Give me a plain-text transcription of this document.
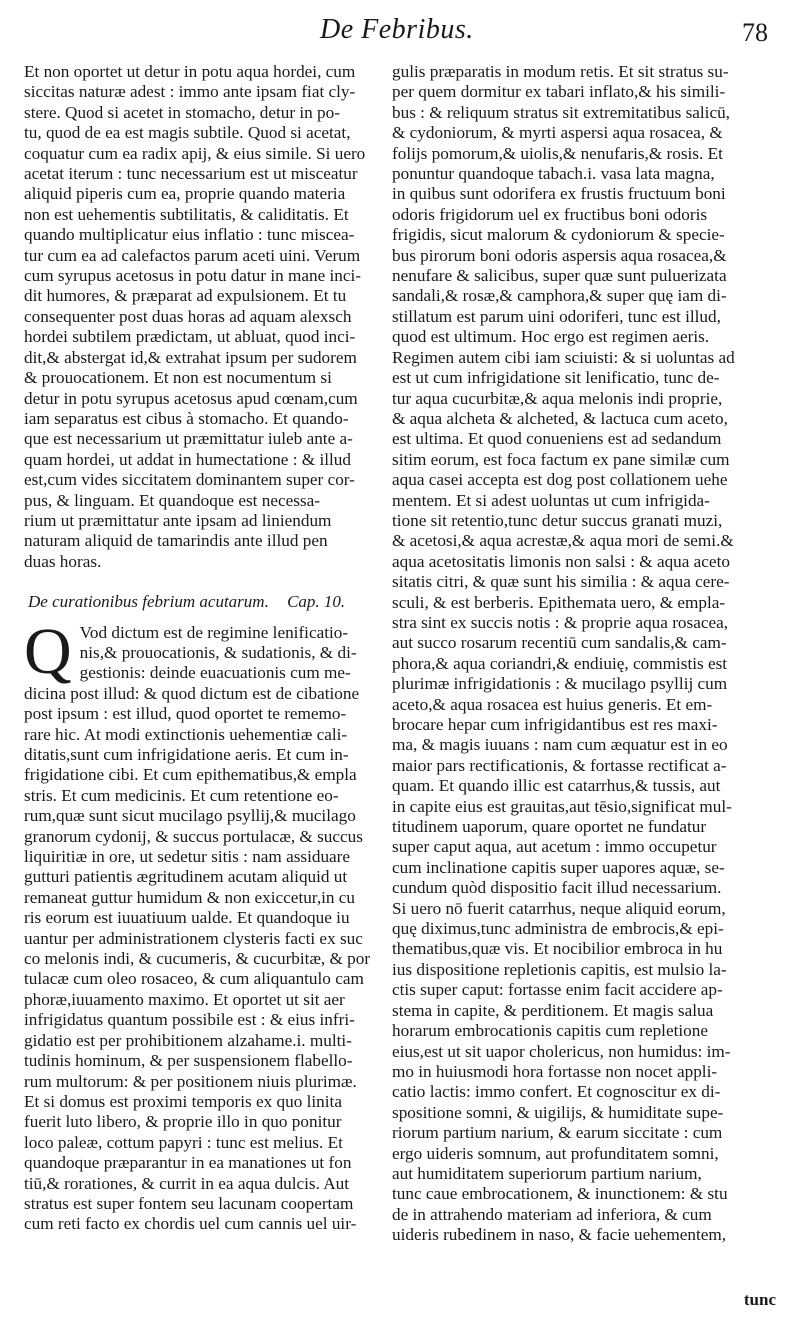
De Febribus.	78

Et non oportet ut detur in potu aqua hordei, cum
siccitas naturæ adest : immo ante ipsam fiat cly-
stere. Quod si acetet in stomacho, detur in po-
tu, quod de ea est magis subtile. Quod si acetat,
coquatur cum ea radix apij, & eius simile. Si uero
acetat iterum : tunc necessarium est ut misceatur
aliquid piperis cum ea, proprie quando materia
non est uehementis subtilitatis, & caliditatis. Et
quando multiplicatur eius inflatio : tunc miscea-
tur cum ea ad calefactos parum aceti uini. Verum
cum syrupus acetosus in potu datur in mane inci-
dit humores, & præparat ad expulsionem. Et tu
consequenter post duas horas ad aquam alexsch
hordei subtilem prædictam, ut abluat, quod inci-
dit,& abstergat id,& extrahat ipsum per sudorem
& prouocationem. Et non est nocumentum si
detur in potu syrupus acetosus apud cœnam,cum
iam separatus est cibus à stomacho. Et quando-
que est necessarium ut præmittatur iuleb ante a-
quam hordei, ut addat in humectatione : & illud
est,cum vides siccitatem dominantem super cor-
pus, & linguam. Et quandoque est necessa-
rium ut præmittatur ante ipsam ad liniendum
naturam aliquid de tamarindis ante illud pen
duas horas.

De curationibus febrium acutarum. Cap. 10.
Q Vod dictum est de regimine lenificatio-
nis,& prouocationis, & sudationis, & di-
gestionis: deinde euacuationis cum me-
dicina post illud: & quod dictum est de cibatione
post ipsum : est illud, quod oportet te rememo-
rare hic. At modi extinctionis uehementiæ cali-
ditatis,sunt cum infrigidatione aeris. Et cum in-
frigidatione cibi. Et cum epithematibus,& empla
stris. Et cum medicinis. Et cum retentione eo-
rum,quæ sunt sicut mucilago psyllij,& mucilago
granorum cydonij, & succus portulacæ, & succus
liquiritiæ in ore, ut sedetur sitis : nam assiduare
gutturi patientis ægritudinem acutam aliquid ut
remaneat guttur humidum & non exiccetur,in cu
ris eorum est iuuatiuum ualde. Et quandoque iu
uantur per administrationem clysteris facti ex suc
co melonis indi, & cucumeris, & cucurbitæ, & por
tulacæ cum oleo rosaceo, & cum aliquantulo cam
phoræ,iuuamento maximo. Et oportet ut sit aer
infrigidatus quantum possibile est : & eius infri-
gidatio est per prohibitionem alzahame.i. multi-
tudinis hominum, & per suspensionem flabello-
rum multorum: & per positionem niuis plurimæ.
Et si domus est proximi temporis ex quo linita
fuerit luto libero, & proprie illo in quo ponitur
loco paleæ, cottum papyri : tunc est melius. Et
quandoque præparantur in ea manationes ut fon
tiū,& rorationes, & currit in ea aqua dulcis. Aut
stratus est super fontem seu lacunam coopertam
cum reti facto ex chordis uel cum cannis uel uir-

gulis præparatis in modum retis. Et sit stratus su-
per quem dormitur ex tabari inflato,& his simili-
bus : & reliquum stratus sit extremitatibus salicū,
& cydoniorum, & myrti aspersi aqua rosacea, &
folijs pomorum,& uiolis,& nenufaris,& rosis. Et
ponuntur quandoque tabach.i. vasa lata magna,
in quibus sunt odorifera ex frustis fructuum boni
odoris frigidorum uel ex fructibus boni odoris
frigidis, sicut malorum & cydoniorum & specie-
bus pirorum boni odoris aspersis aqua rosacea,&
nenufare & salicibus, super quæ sunt puluerizata
sandali,& rosæ,& camphora,& super quę iam di-
stillatum est parum uini odoriferi, tunc est illud,
quod est ultimum. Hoc ergo est regimen aeris.
Regimen autem cibi iam sciuisti: & si uoluntas ad
est ut cum infrigidatione sit lenificatio, tunc de-
tur aqua cucurbitæ,& aqua melonis indi proprie,
& aqua alcheta & alcheted, & lactuca cum aceto,
est ultima. Et quod conueniens est ad sedandum
sitim eorum, est foca factum ex pane similæ cum
aqua casei accepta est dog post collationem uehe
mentem. Et si adest uoluntas ut cum infrigida-
tione sit retentio,tunc detur succus granati muzi,
& acetosi,& aqua acrestæ,& aqua mori de semi.&
aqua acetositatis limonis non salsi : & aqua aceto
sitatis citri, & quæ sunt his similia : & aqua cere-
sculi, & est berberis. Epithemata uero, & empla-
stra sint ex succis notis : & proprie aqua rosacea,
aut succo rosarum recentiū cum sandalis,& cam-
phora,& aqua coriandri,& endiuię, commistis est
plurimæ infrigidationis : & mucilago psyllij cum
aceto,& aqua rosacea est huius generis. Et em-
brocare hepar cum infrigidantibus est res maxi-
ma, & magis iuuans : nam cum æquatur est in eo
maior pars rectificationis, & fortasse rectificat a-
quam. Et quando illic est catarrhus,& tussis, aut
in capite eius est grauitas,aut tēsio,significat mul-
titudinem uaporum, quare oportet ne fundatur
super caput aqua, aut acetum : immo occupetur
cum inclinatione capitis super uapores aquæ, se-
cundum quòd dispositio facit illud necessarium.
Si uero nō fuerit catarrhus, neque aliquid eorum,
quę diximus,tunc administra de embrocis,& epi-
thematibus,quæ vis. Et nocibilior embroca in hu
ius dispositione repletionis capitis, est mulsio la-
ctis super caput: fortasse enim facit accidere ap-
stema in capite, & perditionem. Et magis salua
horarum embrocationis capitis cum repletione
eius,est ut sit uapor cholericus, non humidus: im-
mo in huiusmodi hora fortasse non nocet appli-
catio lactis: immo confert. Et cognoscitur ex di-
spositione somni, & uigilijs, & humiditate supe-
riorum partium narium, & earum siccitate : cum
ergo uideris somnum, aut profunditatem somni,
aut humiditatem superiorum partium narium,
tunc caue embrocationem, & inunctionem: & stu
de in attrahendo materiam ad inferiora, & cum
uideris rubedinem in naso, & facie uehementem,

tunc
